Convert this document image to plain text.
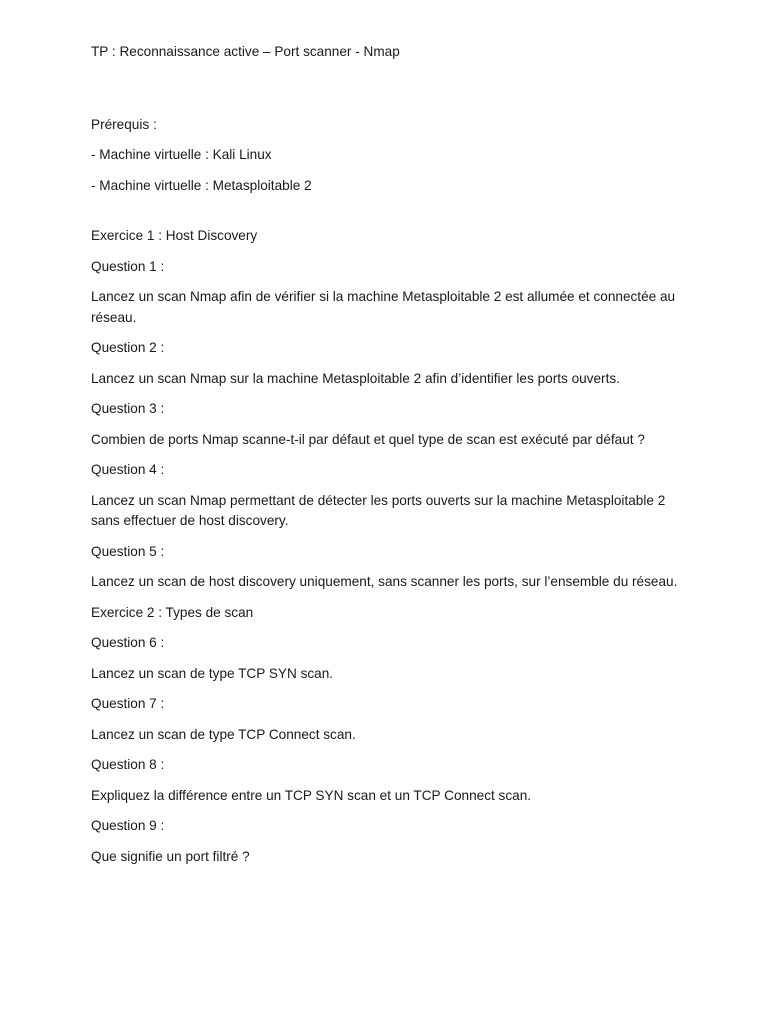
TP : Reconnaissance active – Port scanner - Nmap

Prérequis :

- Machine virtuelle : Kali Linux

- Machine virtuelle : Metasploitable 2

Exercice 1 : Host Discovery

Question 1 :

Lancez un scan Nmap afin de vérifier si la machine Metasploitable 2 est allumée et connectée au réseau.

Question 2 :

Lancez un scan Nmap sur la machine Metasploitable 2 afin d’identifier les ports ouverts.

Question 3 :

Combien de ports Nmap scanne-t-il par défaut et quel type de scan est exécuté par défaut ?

Question 4 :

Lancez un scan Nmap permettant de détecter les ports ouverts sur la machine Metasploitable 2 sans effectuer de host discovery.

Question 5 :

Lancez un scan de host discovery uniquement, sans scanner les ports, sur l’ensemble du réseau.

Exercice 2 : Types de scan

Question 6 :

Lancez un scan de type TCP SYN scan.

Question 7 :

Lancez un scan de type TCP Connect scan.

Question 8 :

Expliquez la différence entre un TCP SYN scan et un TCP Connect scan.

Question 9 :

Que signifie un port filtré ?
